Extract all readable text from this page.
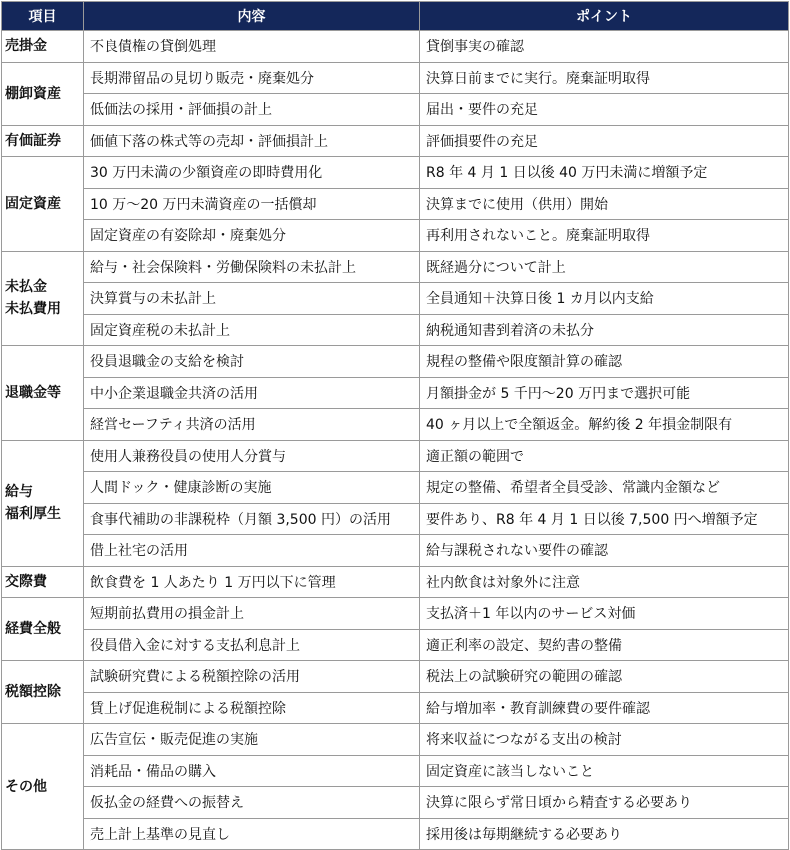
項目	内容	ポイント

売掛金	不良債権の貸倒処理	貸倒事実の確認

棚卸資産	長期滞留品の見切り販売・廃棄処分	決算日前までに実行。廃棄証明取得
	低価法の採用・評価損の計上	届出・要件の充足

有価証券	価値下落の株式等の売却・評価損計上	評価損要件の充足

固定資産	30 万円未満の少額資産の即時費用化	R8 年 4 月 1 日以後 40 万円未満に増額予定
	10 万～20 万円未満資産の一括償却	決算までに使用（供用）開始
	固定資産の有姿除却・廃棄処分	再利用されないこと。廃棄証明取得

未払金
未払費用	給与・社会保険料・労働保険料の未払計上	既経過分について計上
	決算賞与の未払計上	全員通知＋決算日後 1 カ月以内支給
	固定資産税の未払計上	納税通知書到着済の未払分

退職金等	役員退職金の支給を検討	規程の整備や限度額計算の確認
	中小企業退職金共済の活用	月額掛金が 5 千円～20 万円まで選択可能
	経営セーフティ共済の活用	40 ヶ月以上で全額返金。解約後 2 年損金制限有

給与
福利厚生	使用人兼務役員の使用人分賞与	適正額の範囲で
	人間ドック・健康診断の実施	規定の整備、希望者全員受診、常識内金額など
	食事代補助の非課税枠（月額 3,500 円）の活用	要件あり、R8 年 4 月 1 日以後 7,500 円へ増額予定
	借上社宅の活用	給与課税されない要件の確認

交際費	飲食費を 1 人あたり 1 万円以下に管理	社内飲食は対象外に注意

経費全般	短期前払費用の損金計上	支払済＋1 年以内のサービス対価
	役員借入金に対する支払利息計上	適正利率の設定、契約書の整備

税額控除	試験研究費による税額控除の活用	税法上の試験研究の範囲の確認
	賃上げ促進税制による税額控除	給与増加率・教育訓練費の要件確認

その他	広告宣伝・販売促進の実施	将来収益につながる支出の検討
	消耗品・備品の購入	固定資産に該当しないこと
	仮払金の経費への振替え	決算に限らず常日頃から精査する必要あり
	売上計上基準の見直し	採用後は毎期継続する必要あり
